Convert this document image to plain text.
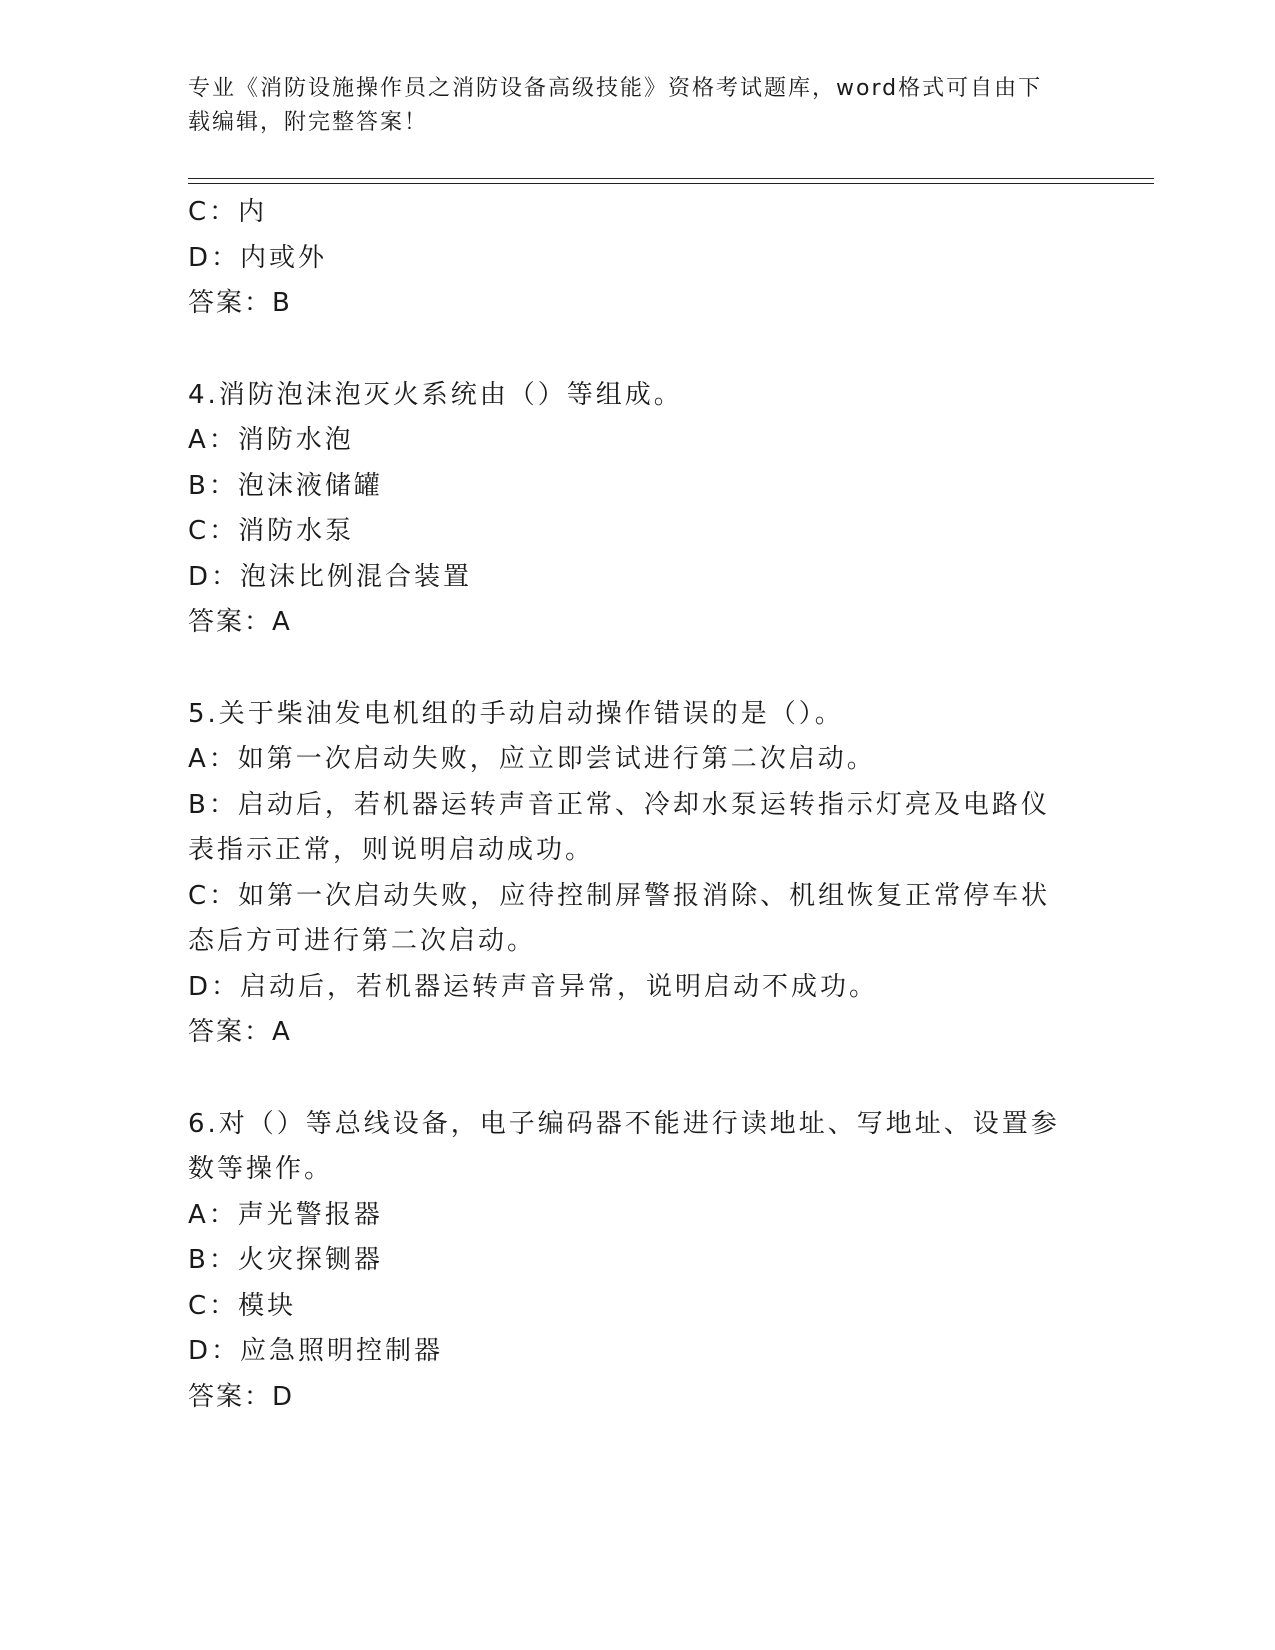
专业《消防设施操作员之消防设备高级技能》资格考试题库，word格式可自由下
载编辑，附完整答案！

C：内

D：内或外

答案：B

4.消防泡沫泡灭火系统由（）等组成。

A：消防水泡

B：泡沫液储罐

C：消防水泵

D：泡沫比例混合装置

答案：A

5.关于柴油发电机组的手动启动操作错误的是（）。

A：如第一次启动失败，应立即尝试进行第二次启动。

B：启动后，若机器运转声音正常、冷却水泵运转指示灯亮及电路仪表指示正常，则说明启动成功。

C：如第一次启动失败，应待控制屏警报消除、机组恢复正常停车状态后方可进行第二次启动。

D：启动后，若机器运转声音异常，说明启动不成功。

答案：A

6.对（）等总线设备，电子编码器不能进行读地址、写地址、设置参数等操作。

A：声光警报器

B：火灾探铡器

C：模块

D：应急照明控制器

答案：D
